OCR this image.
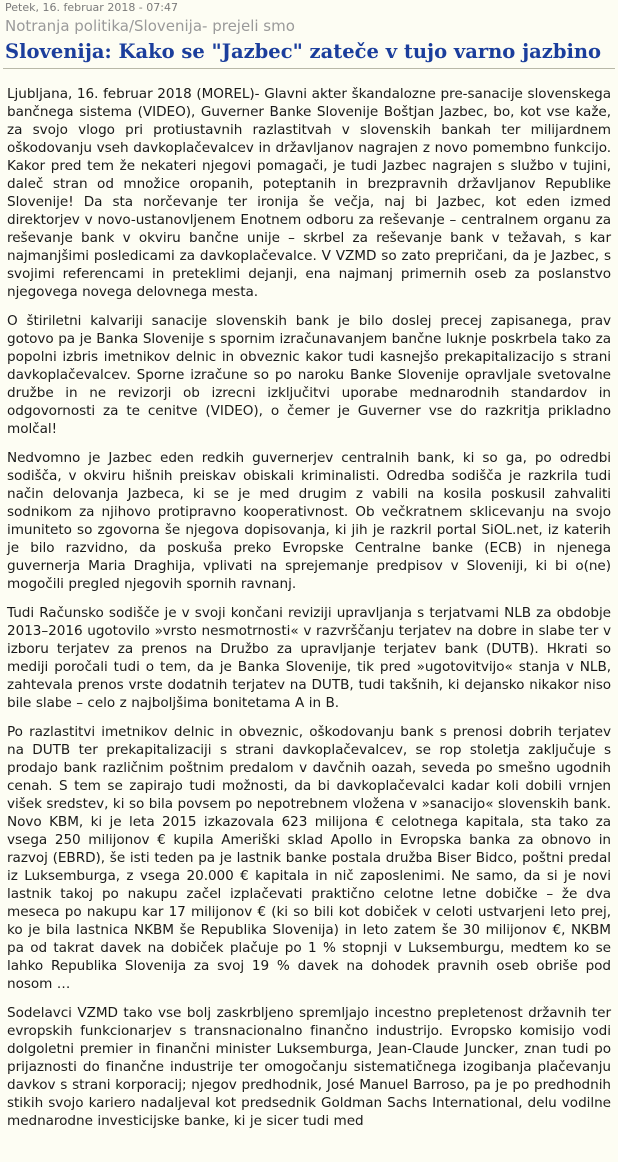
Petek, 16. februar 2018 - 07:47

Notranja politika/Slovenija- prejeli smo

Slovenija: Kako se "Jazbec" zateče v tujo varno jazbino

Ljubljana, 16. februar 2018 (MOREL)- Glavni akter škandalozne pre-sanacije slovenskega bančnega sistema (VIDEO), Guverner Banke Slovenije Boštjan Jazbec, bo, kot vse kaže, za svojo vlogo pri protiustavnih razlastitvah v slovenskih bankah ter milijardnem oškodovanju vseh davkoplačevalcev in državljanov nagrajen z novo pomembno funkcijo. Kakor pred tem že nekateri njegovi pomagači, je tudi Jazbec nagrajen s službo v tujini, daleč stran od množice oropanih, poteptanih in brezpravnih državljanov Republike Slovenije! Da sta norčevanje ter ironija še večja, naj bi Jazbec, kot eden izmed direktorjev v novo-ustanovljenem Enotnem odboru za reševanje – centralnem organu za reševanje bank v okviru bančne unije – skrbel za reševanje bank v težavah, s kar najmanjšimi posledicami za davkoplačevalce. V VZMD so zato prepričani, da je Jazbec, s svojimi referencami in preteklimi dejanji, ena najmanj primernih oseb za poslanstvo njegovega novega delovnega mesta.

O štiriletni kalvariji sanacije slovenskih bank je bilo doslej precej zapisanega, prav gotovo pa je Banka Slovenije s spornim izračunavanjem bančne luknje poskrbela tako za popolni izbris imetnikov delnic in obveznic kakor tudi kasnejšo prekapitalizacijo s strani davkoplačevalcev. Sporne izračune so po naroku Banke Slovenije opravljale svetovalne družbe in ne revizorji ob izrecni izključitvi uporabe mednarodnih standardov in odgovornosti za te cenitve (VIDEO), o čemer je Guverner vse do razkritja prikladno molčal!

Nedvomno je Jazbec eden redkih guvernerjev centralnih bank, ki so ga, po odredbi sodišča, v okviru hišnih preiskav obiskali kriminalisti. Odredba sodišča je razkrila tudi način delovanja Jazbeca, ki se je med drugim z vabili na kosila poskusil zahvaliti sodnikom za njihovo protipravno kooperativnost. Ob večkratnem sklicevanju na svojo imuniteto so zgovorna še njegova dopisovanja, ki jih je razkril portal SiOL.net, iz katerih je bilo razvidno, da poskuša preko Evropske Centralne banke (ECB) in njenega guvernerja Maria Draghija, vplivati na sprejemanje predpisov v Sloveniji, ki bi o(ne) mogočili pregled njegovih spornih ravnanj.

Tudi Računsko sodišče je v svoji končani reviziji upravljanja s terjatvami NLB za obdobje 2013–2016 ugotovilo »vrsto nesmotrnosti« v razvrščanju terjatev na dobre in slabe ter v izboru terjatev za prenos na Družbo za upravljanje terjatev bank (DUTB). Hkrati so mediji poročali tudi o tem, da je Banka Slovenije, tik pred »ugotovitvijo« stanja v NLB, zahtevala prenos vrste dodatnih terjatev na DUTB, tudi takšnih, ki dejansko nikakor niso bile slabe – celo z najboljšima bonitetama A in B.

Po razlastitvi imetnikov delnic in obveznic, oškodovanju bank s prenosi dobrih terjatev na DUTB ter prekapitalizaciji s strani davkoplačevalcev, se rop stoletja zaključuje s prodajo bank različnim poštnim predalom v davčnih oazah, seveda po smešno ugodnih cenah. S tem se zapirajo tudi možnosti, da bi davkoplačevalci kadar koli dobili vrnjen višek sredstev, ki so bila povsem po nepotrebnem vložena v »sanacijo« slovenskih bank. Novo KBM, ki je leta 2015 izkazovala 623 milijona € celotnega kapitala, sta tako za vsega 250 milijonov € kupila Ameriški sklad Apollo in Evropska banka za obnovo in razvoj (EBRD), še isti teden pa je lastnik banke postala družba Biser Bidco, poštni predal iz Luksemburga, z vsega 20.000 € kapitala in nič zaposlenimi. Ne samo, da si je novi lastnik takoj po nakupu začel izplačevati praktično celotne letne dobičke – že dva meseca po nakupu kar 17 milijonov € (ki so bili kot dobiček v celoti ustvarjeni leto prej, ko je bila lastnica NKBM še Republika Slovenija) in leto zatem še 30 milijonov €, NKBM pa od takrat davek na dobiček plačuje po 1 % stopnji v Luksemburgu, medtem ko se lahko Republika Slovenija za svoj 19 % davek na dohodek pravnih oseb obriše pod nosom …

Sodelavci VZMD tako vse bolj zaskrbljeno spremljajo incestno prepletenost državnih ter evropskih funkcionarjev s transnacionalno finančno industrijo. Evropsko komisijo vodi dolgoletni premier in finančni minister Luksemburga, Jean-Claude Juncker, znan tudi po prijaznosti do finančne industrije ter omogočanju sistematičnega izogibanja plačevanju davkov s strani korporacij; njegov predhodnik, José Manuel Barroso, pa je po predhodnih stikih svojo kariero nadaljeval kot predsednik Goldman Sachs International, delu vodilne mednarodne investicijske banke, ki je sicer tudi med
